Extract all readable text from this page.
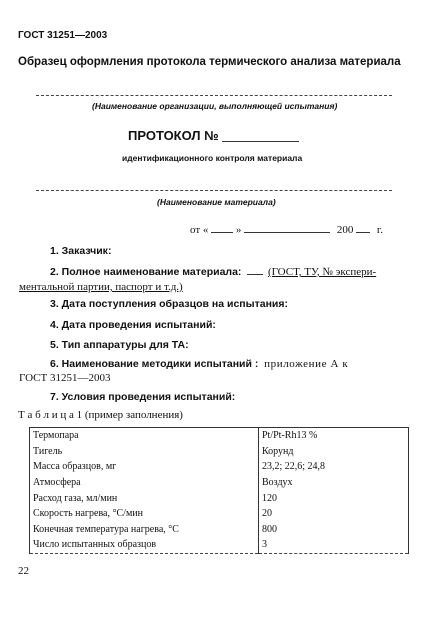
ГОСТ 31251—2003
Образец оформления протокола термического анализа материала
(Наименование организации, выполняющей испытания)
ПРОТОКОЛ №
идентификационного контроля материала
(Наименование материала)
от «	»	200 г.
1. Заказчик:
2. Полное наименование материала: (ГОСТ, ТУ, № экспери-
ментальной партии, паспорт и т.д.)
3. Дата поступления образцов на испытания:
4. Дата проведения испытаний:
5. Тип аппаратуры для ТА:
6. Наименование методики испытаний : приложение А к
ГОСТ 31251—2003
7. Условия проведения испытаний:
Т а б л и ц а 1 (пример заполнения)
Термопара	Pt/Pt-Rh13 %
Тигель	Корунд
Масса образцов, мг	23,2; 22,6; 24,8
Атмосфера	Воздух
Расход газа, мл/мин	120
Скорость нагрева, °С/мин	20
Конечная температура нагрева, °С	800
Число испытанных образцов	3
22
